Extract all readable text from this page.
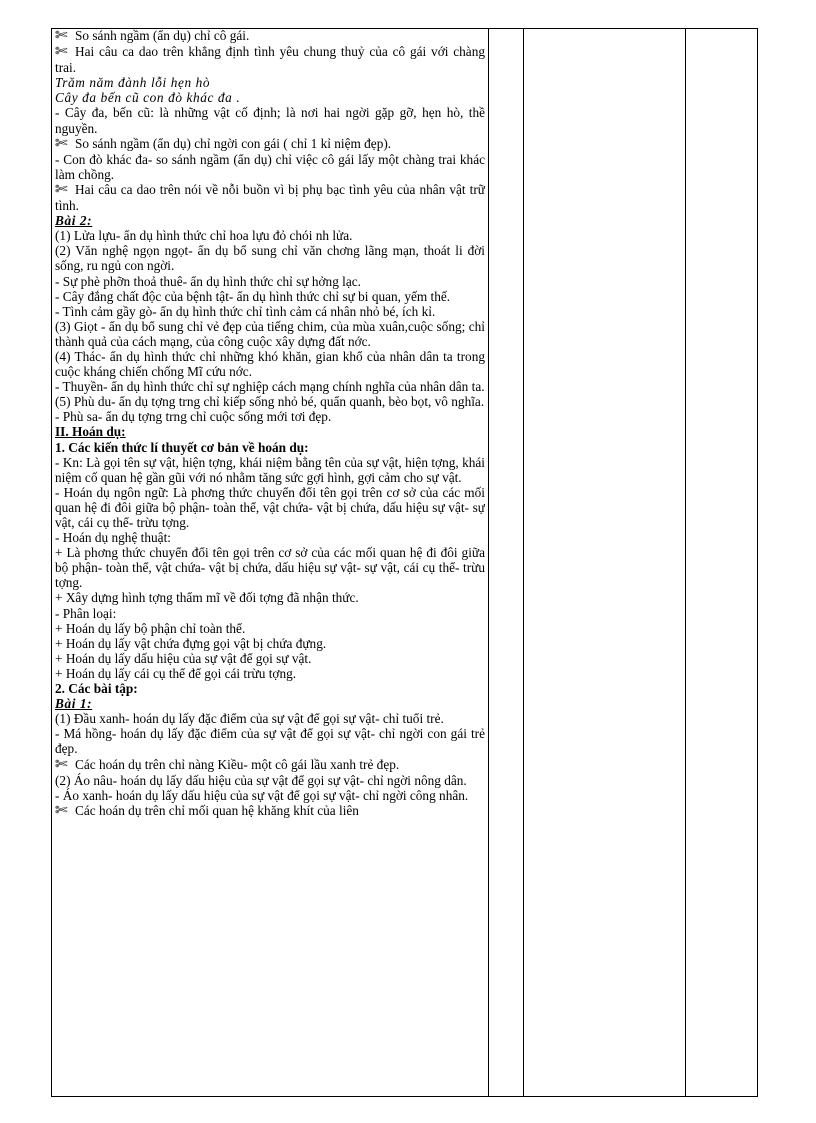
✄ So sánh ngầm (ẩn dụ) chỉ cô gái.

✄ Hai câu ca dao trên khẳng định tình yêu chung thuỷ của cô gái với chàng trai.

Trăm năm đành lỗi hẹn hò

Cây đa bến cũ con đò khác đa .

- Cây đa, bến cũ: là những vật cố định; là nơi hai ngời gặp gỡ, hẹn hò, thề nguyền.

✄ So sánh ngầm (ẩn dụ) chỉ ngời con gái ( chỉ 1 kỉ niệm đẹp).

- Con đò khác đa- so sánh ngầm (ẩn dụ) chỉ việc cô gái lấy một chàng trai khác làm chồng.

✄ Hai câu ca dao trên nói về nỗi buồn vì bị phụ bạc tình yêu của nhân vật trữ tình.

Bài 2:

(1) Lửa lựu- ẩn dụ hình thức chỉ hoa lựu đỏ chói nh lửa.

(2) Văn nghệ ngọn ngọt- ẩn dụ bổ sung chỉ văn chơng lãng mạn, thoát li đời sống, ru ngủ con ngời.

- Sự phè phỡn thoả thuê- ẩn dụ hình thức chỉ sự hởng lạc.

- Cây đắng chất độc của bệnh tật- ẩn dụ hình thức chỉ sự bi quan, yếm thế.

- Tình cảm gầy gò- ẩn dụ hình thức chỉ tình cảm cá nhân nhỏ bé, ích kỉ.

(3) Giọt - ẩn dụ bổ sung chỉ vẻ đẹp của tiếng chim, của mùa xuân,cuộc sống; chỉ thành quả của cách mạng, của công cuộc xây dựng đất nớc.

(4) Thác- ẩn dụ hình thức chỉ những khó khăn, gian khổ của nhân dân ta trong cuộc kháng chiến chống Mĩ cứu nớc.

- Thuyền- ẩn dụ hình thức chỉ sự nghiệp cách mạng chính nghĩa của nhân dân ta.

(5) Phù du- ẩn dụ tợng trng chỉ kiếp sống nhỏ bé, quẩn quanh, bèo bọt, vô nghĩa.

- Phù sa- ẩn dụ tợng trng chỉ cuộc sống mới tơi đẹp.

II. Hoán dụ:

1. Các kiến thức lí thuyết cơ bản về hoán dụ:

- Kn: Là gọi tên sự vật, hiện tợng, khái niệm bằng tên của sự vật, hiện tợng, khái niệm cố quan hệ gần gũi với nó nhằm tăng sức gợi hình, gợi cảm cho sự vật.

- Hoán dụ ngôn ngữ: Là phơng thức chuyển đổi tên gọi trên cơ sở của các mối quan hệ đi đôi giữa bộ phận- toàn thể, vật chứa- vật bị chứa, dấu hiệu sự vật- sự vật, cái cụ thể- trừu tợng.

- Hoán dụ nghệ thuật:

+ Là phơng thức chuyển đổi tên gọi trên cơ sở của các mối quan hệ đi đôi giữa bộ phận- toàn thể, vật chứa- vật bị chứa, dấu hiệu sự vật- sự vật, cái cụ thể- trừu tợng.

+ Xây dựng hình tợng thẩm mĩ về đối tợng đã nhận thức.

- Phân loại:

+ Hoán dụ lấy bộ phận chỉ toàn thể.

+ Hoán dụ lấy vật chứa đựng gọi vật bị chứa đựng.

+ Hoán dụ lấy dấu hiệu của sự vật để gọi sự vật.

+ Hoán dụ lấy cái cụ thể để gọi cái trừu tợng.

2. Các bài tập:

Bài 1:

(1) Đầu xanh- hoán dụ lấy đặc điểm của sự vật để gọi sự vật- chỉ tuổi trẻ.

- Má hồng- hoán dụ lấy đặc điểm của sự vật để gọi sự vật- chỉ ngời con gái trẻ đẹp.

✄ Các hoán dụ trên chỉ nàng Kiều- một cô gái lầu xanh trẻ đẹp.

(2) Áo nâu- hoán dụ lấy dấu hiệu của sự vật để gọi sự vật- chỉ ngời nông dân.

- Áo xanh- hoán dụ lấy dấu hiệu của sự vật để gọi sự vật- chỉ ngời công nhân.

✄ Các hoán dụ trên chỉ mối quan hệ khăng khít của liên
